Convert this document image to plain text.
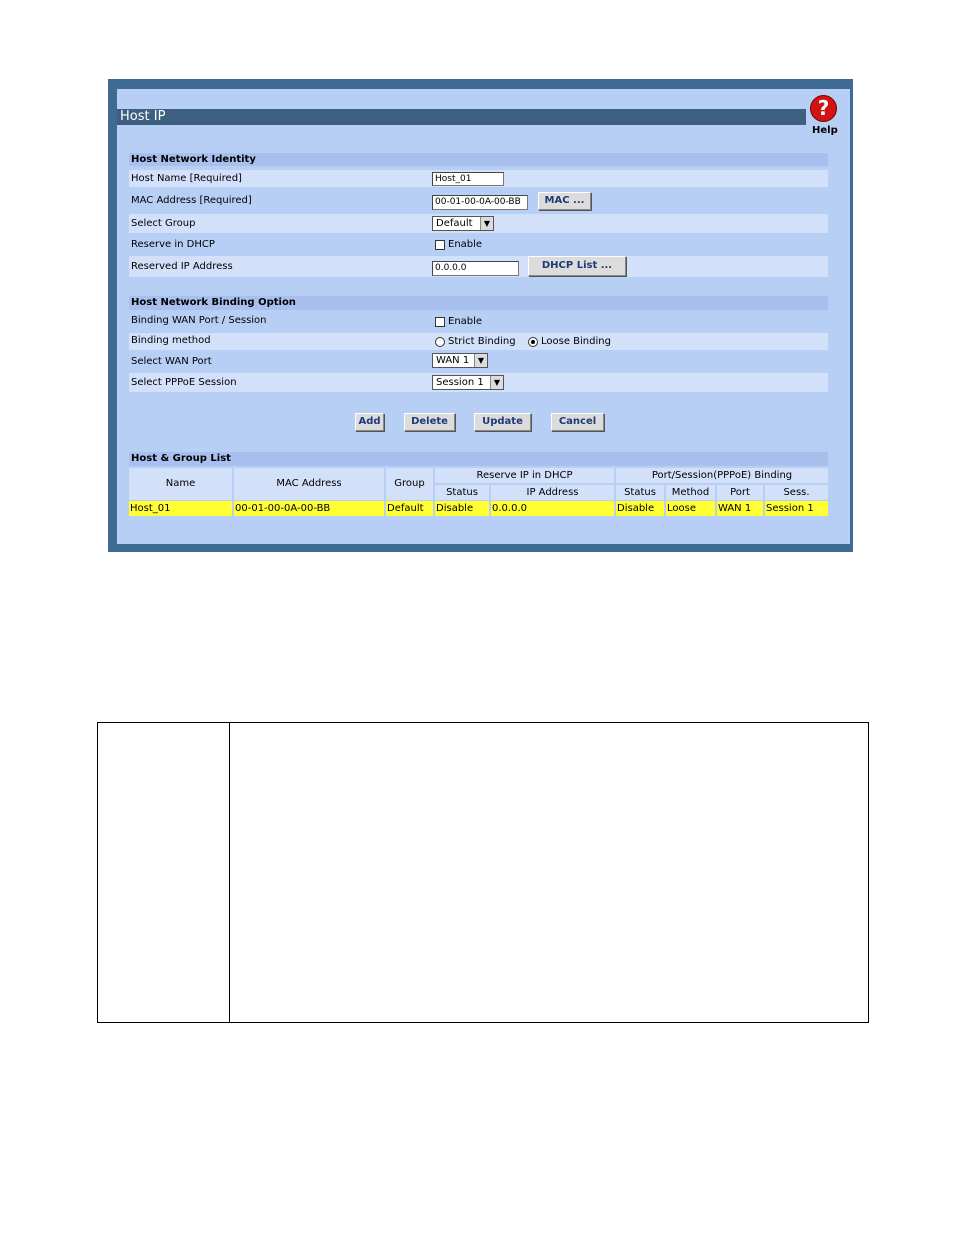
Host IP	?
Help
Host Network Identity
Host Name [Required]	Host_01
MAC Address [Required]	00-01-00-0A-00-BB	MAC ...
Select Group	Default	▼
Reserve in DHCP	Enable
Reserved IP Address	0.0.0.0	DHCP List ...
Host Network Binding Option
Binding WAN Port / Session	Enable
Binding method	Strict Binding	Loose Binding
Select WAN Port	WAN 1	▼
Select PPPoE Session	Session 1	▼
Add	Delete	Update	Cancel
Host & Group List
Name	MAC Address	Group
Reserve IP in DHCP	Port/Session(PPPoE) Binding
Status	IP Address	Status	Method	Port	Sess.
Host_01	00-01-00-0A-00-BB	Default	Disable	0.0.0.0	Disable	Loose	WAN 1	Session 1
